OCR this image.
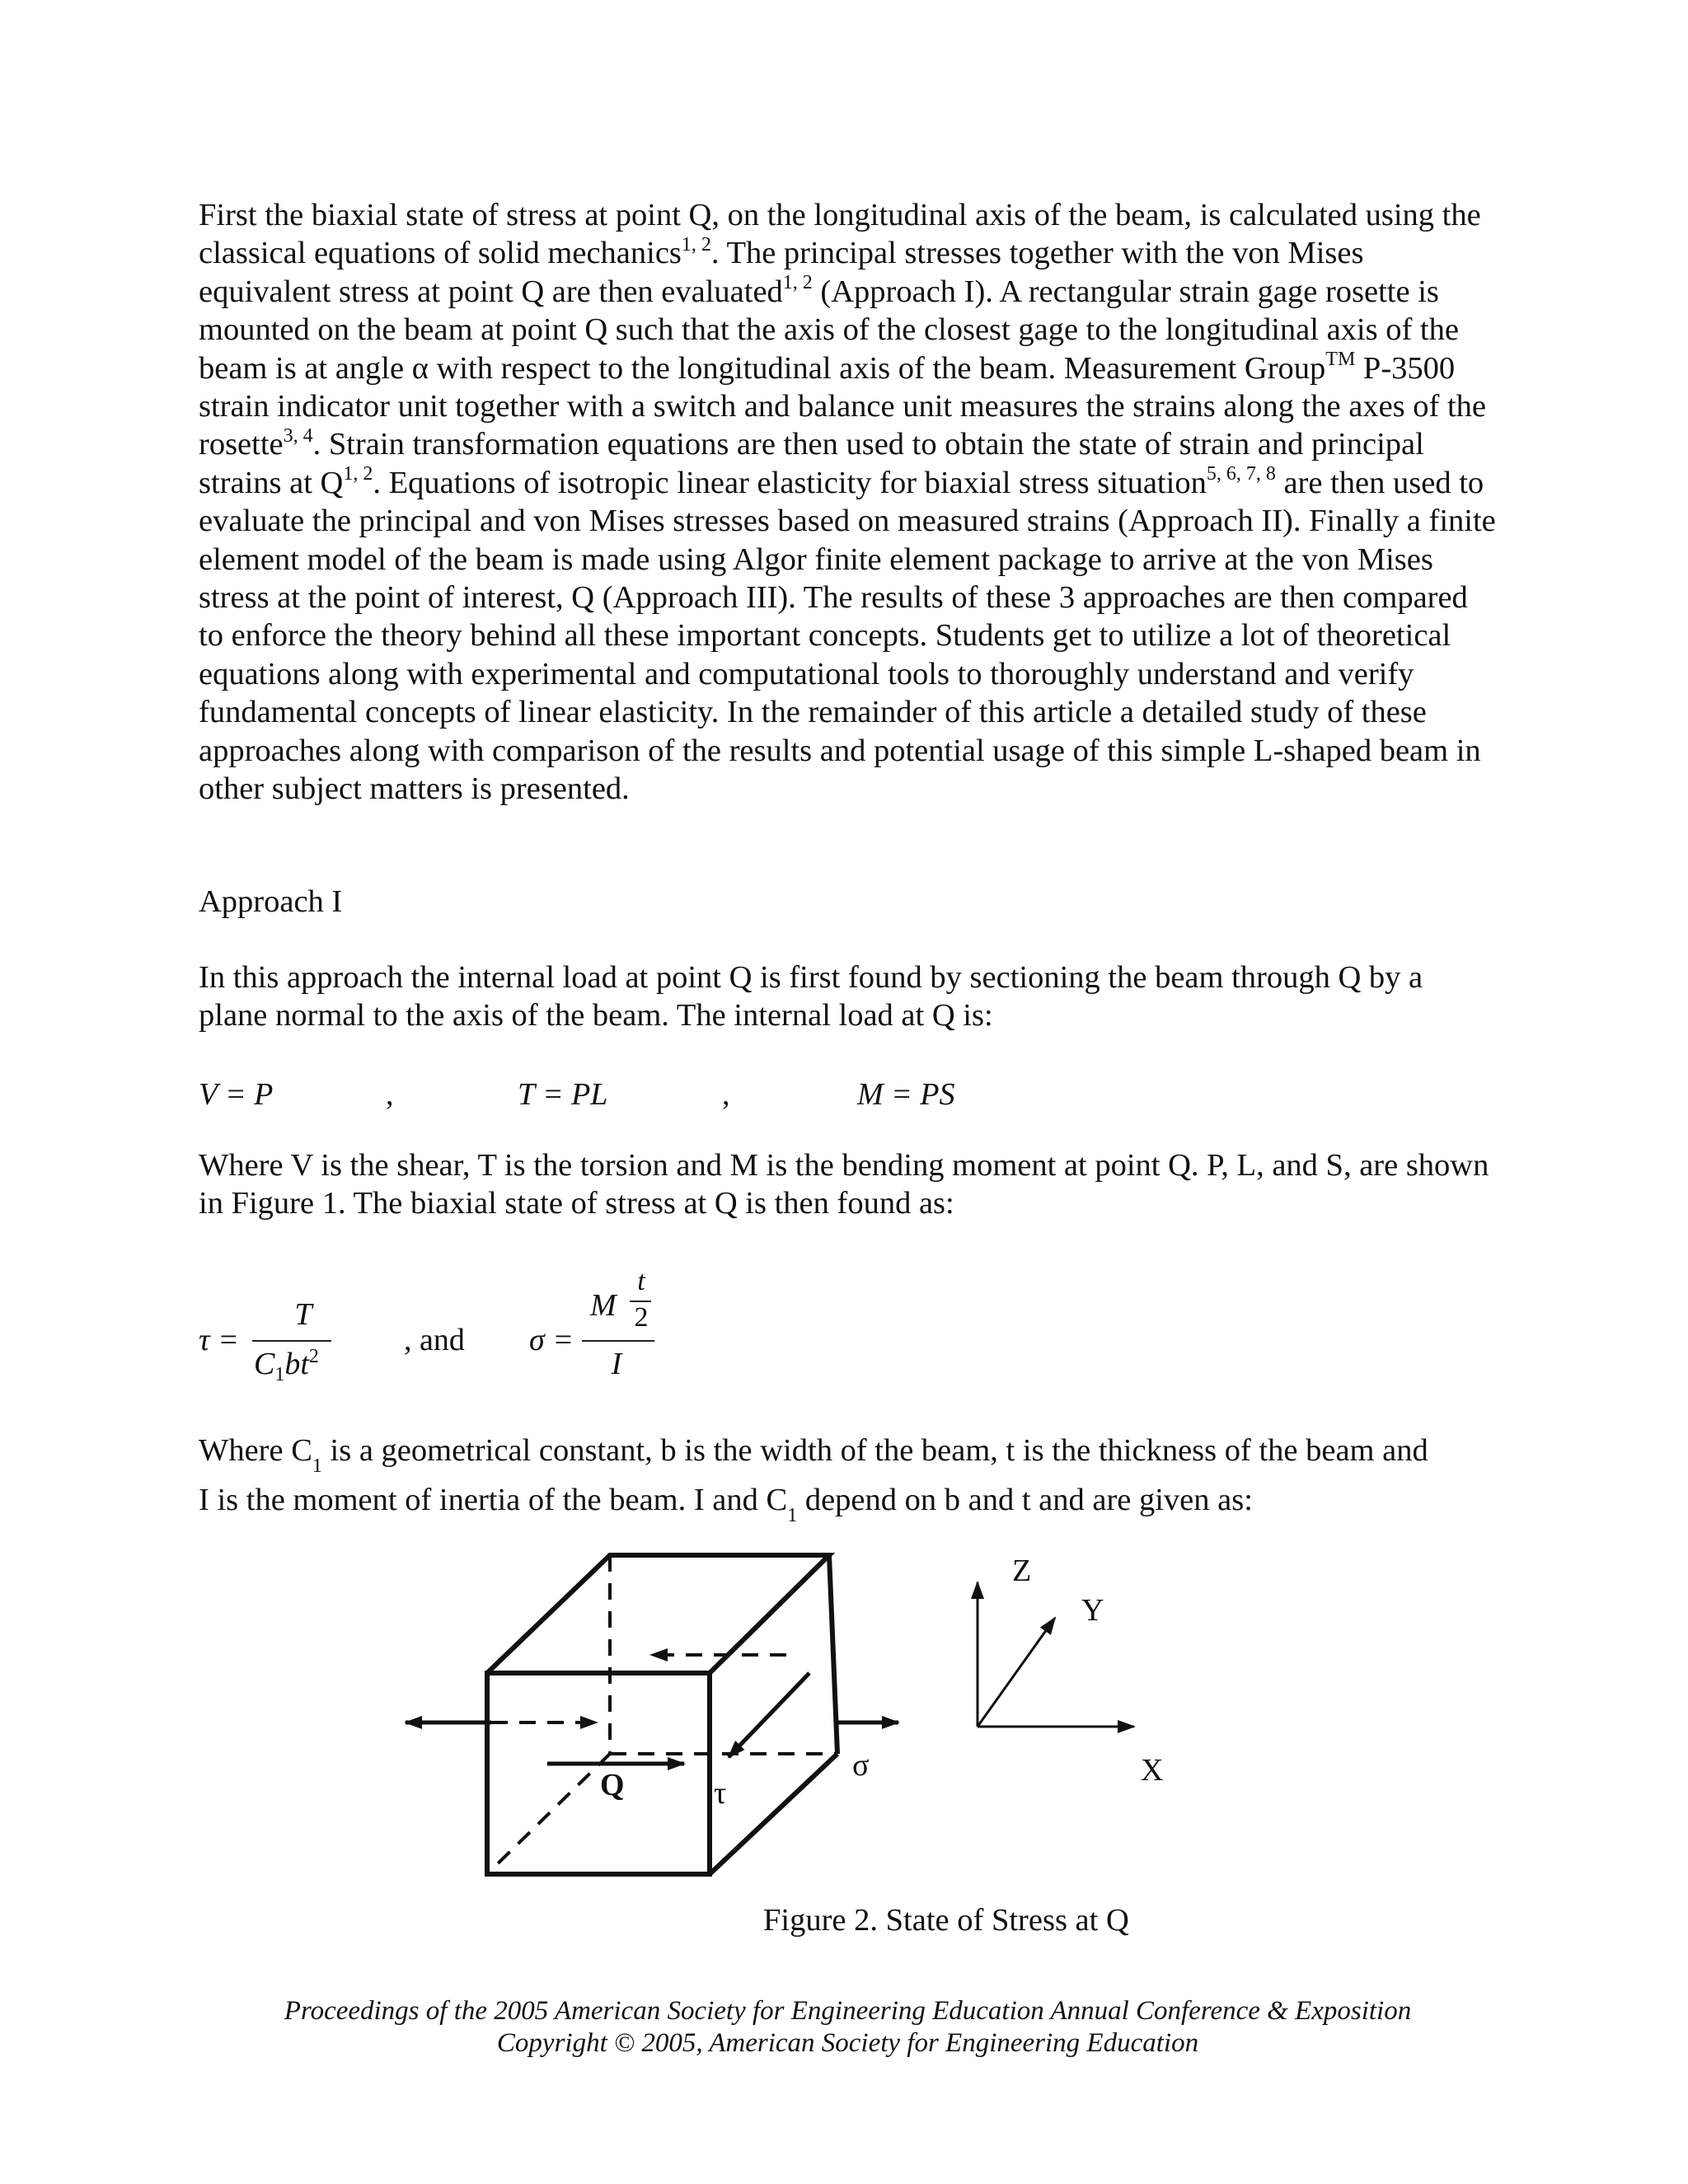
First the biaxial state of stress at point Q, on the longitudinal axis of the beam, is calculated using the classical equations of solid mechanics$^{1, 2}$. The principal stresses together with the von Mises equivalent stress at point Q are then evaluated$^{1, 2}$ (Approach I). A rectangular strain gage rosette is mounted on the beam at point Q such that the axis of the closest gage to the longitudinal axis of the beam is at angle α with respect to the longitudinal axis of the beam. Measurement Group™ P-3500 strain indicator unit together with a switch and balance unit measures the strains along the axes of the rosette$^{3, 4}$. Strain transformation equations are then used to obtain the state of strain and principal strains at Q$^{1, 2}$. Equations of isotropic linear elasticity for biaxial stress situation$^{5, 6, 7, 8}$ are then used to evaluate the principal and von Mises stresses based on measured strains (Approach II). Finally a finite element model of the beam is made using Algor finite element package to arrive at the von Mises stress at the point of interest, Q (Approach III). The results of these 3 approaches are then compared to enforce the theory behind all these important concepts. Students get to utilize a lot of theoretical equations along with experimental and computational tools to thoroughly understand and verify fundamental concepts of linear elasticity. In the remainder of this article a detailed study of these approaches along with comparison of the results and potential usage of this simple L-shaped beam in other subject matters is presented.

Approach I

In this approach the internal load at point Q is first found by sectioning the beam through Q by a plane normal to the axis of the beam. The internal load at Q is:

V = P	,	T = PL	,	M = PS

Where V is the shear, T is the torsion and M is the bending moment at point Q. P, L, and S, are shown in Figure 1. The biaxial state of stress at Q is then found as:

τ =
T
$C_1bt^2$	, and σ =
M
t
2
I

Where $C_1$ is a geometrical constant, b is the width of the beam, t is the thickness of the beam and
I is the moment of inertia of the beam. I and $C_1$ depend on b and t and are given as:

Q	τ
σ
Z
Y
X
Figure 2. State of Stress at Q
Proceedings of the 2005 American Society for Engineering Education Annual Conference & Exposition
Copyright © 2005, American Society for Engineering Education
